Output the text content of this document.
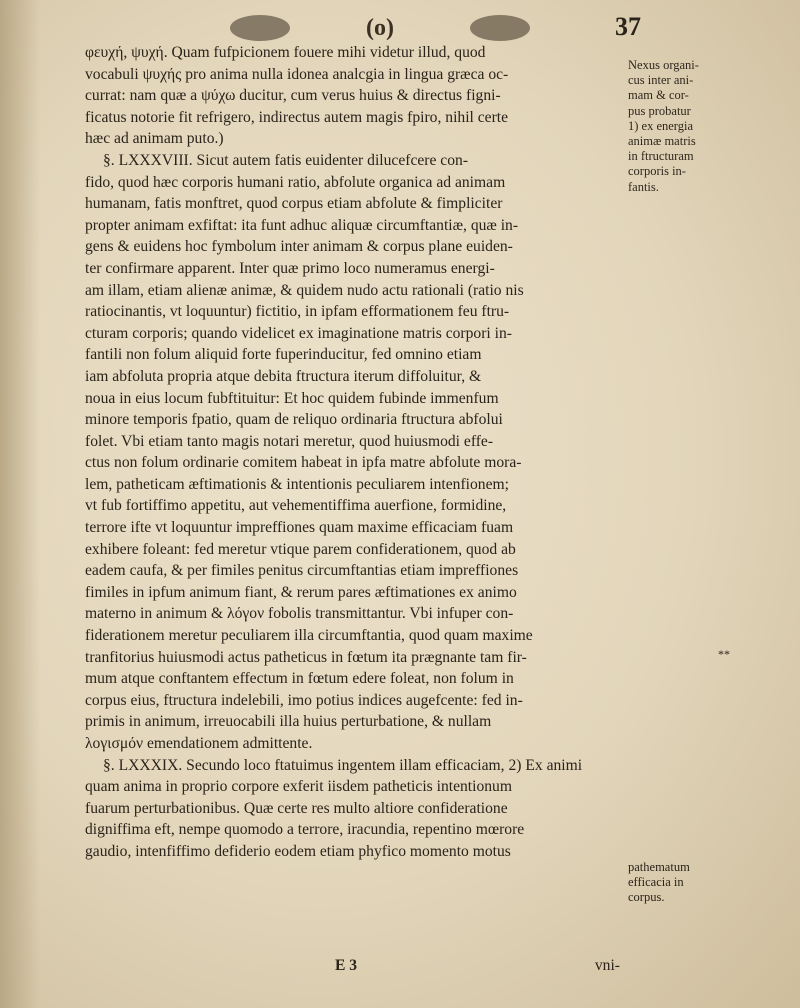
(o)	37
φευχή, ψυχή. Quam fufpicionem fouere mihi videtur illud, quod
vocabuli ψυχής pro anima nulla idonea analcgia in lingua græca oc-
currat: nam quæ a ψύχω ducitur, cum verus huius & directus figni-
ficatus notorie fit refrigero, indirectus autem magis fpiro, nihil certe
hæc ad animam puto.)
§. LXXXVIII. Sicut autem fatis euidenter dilucefcere con-
fido, quod hæc corporis humani ratio, abfolute organica ad animam
humanam, fatis monftret, quod corpus etiam abfolute & fimpliciter
propter animam exfiftat: ita funt adhuc aliquæ circumftantiæ, quæ in-
gens & euidens hoc fymbolum inter animam & corpus plane euiden-
ter confirmare apparent. Inter quæ primo loco numeramus energi-
am illam, etiam alienæ animæ, & quidem nudo actu rationali (ratio nis
ratiocinantis, vt loquuntur) fictitio, in ipfam efformationem feu ftru-
cturam corporis; quando videlicet ex imaginatione matris corpori in-
fantili non folum aliquid forte fuperinducitur, fed omnino etiam
iam abfoluta propria atque debita ftructura iterum diffoluitur, &
noua in eius locum fubftituitur: Et hoc quidem fubinde immenfum
minore temporis fpatio, quam de reliquo ordinaria ftructura abfolui
folet. Vbi etiam tanto magis notari meretur, quod huiusmodi effe-
ctus non folum ordinarie comitem habeat in ipfa matre abfolute mora-
lem, patheticam æftimationis & intentionis peculiarem intenfionem;
vt fub fortiffimo appetitu, aut vehementiffima auerfione, formidine,
terrore ifte vt loquuntur impreffiones quam maxime efficaciam fuam
exhibere foleant: fed meretur vtique parem confiderationem, quod ab
eadem caufa, & per fimiles penitus circumftantias etiam impreffiones
fimiles in ipfum animum fiant, & rerum pares æftimationes ex animo
materno in animum & λόγον fobolis transmittantur. Vbi infuper con-
fiderationem meretur peculiarem illa circumftantia, quod quam maxime
tranfitorius huiusmodi actus patheticus in fœtum ita prægnante tam fir-
mum atque conftantem effectum in fœtum edere foleat, non folum in
corpus eius, ftructura indelebili, imo potius indices augefcente: fed in-
primis in animum, irreuocabili illa huius perturbatione, & nullam
λογισμόν emendationem admittente.
§. LXXXIX. Secundo loco ftatuimus ingentem illam efficaciam, 2) Ex animi
quam anima in proprio corpore exferit iisdem patheticis intentionum
fuarum perturbationibus. Quæ certe res multo altiore confideratione
digniffima eft, nempe quomodo a terrore, iracundia, repentino mœrore
gaudio, intenfiffimo defiderio eodem etiam phyfico momento motus
Nexus organi-
cus inter ani-
mam & cor-
pus probatur
1) ex energia
animæ matris
in ftructuram
corporis in-
fantis.
**
pathematum
efficacia in
corpus.
E 3	vni-
